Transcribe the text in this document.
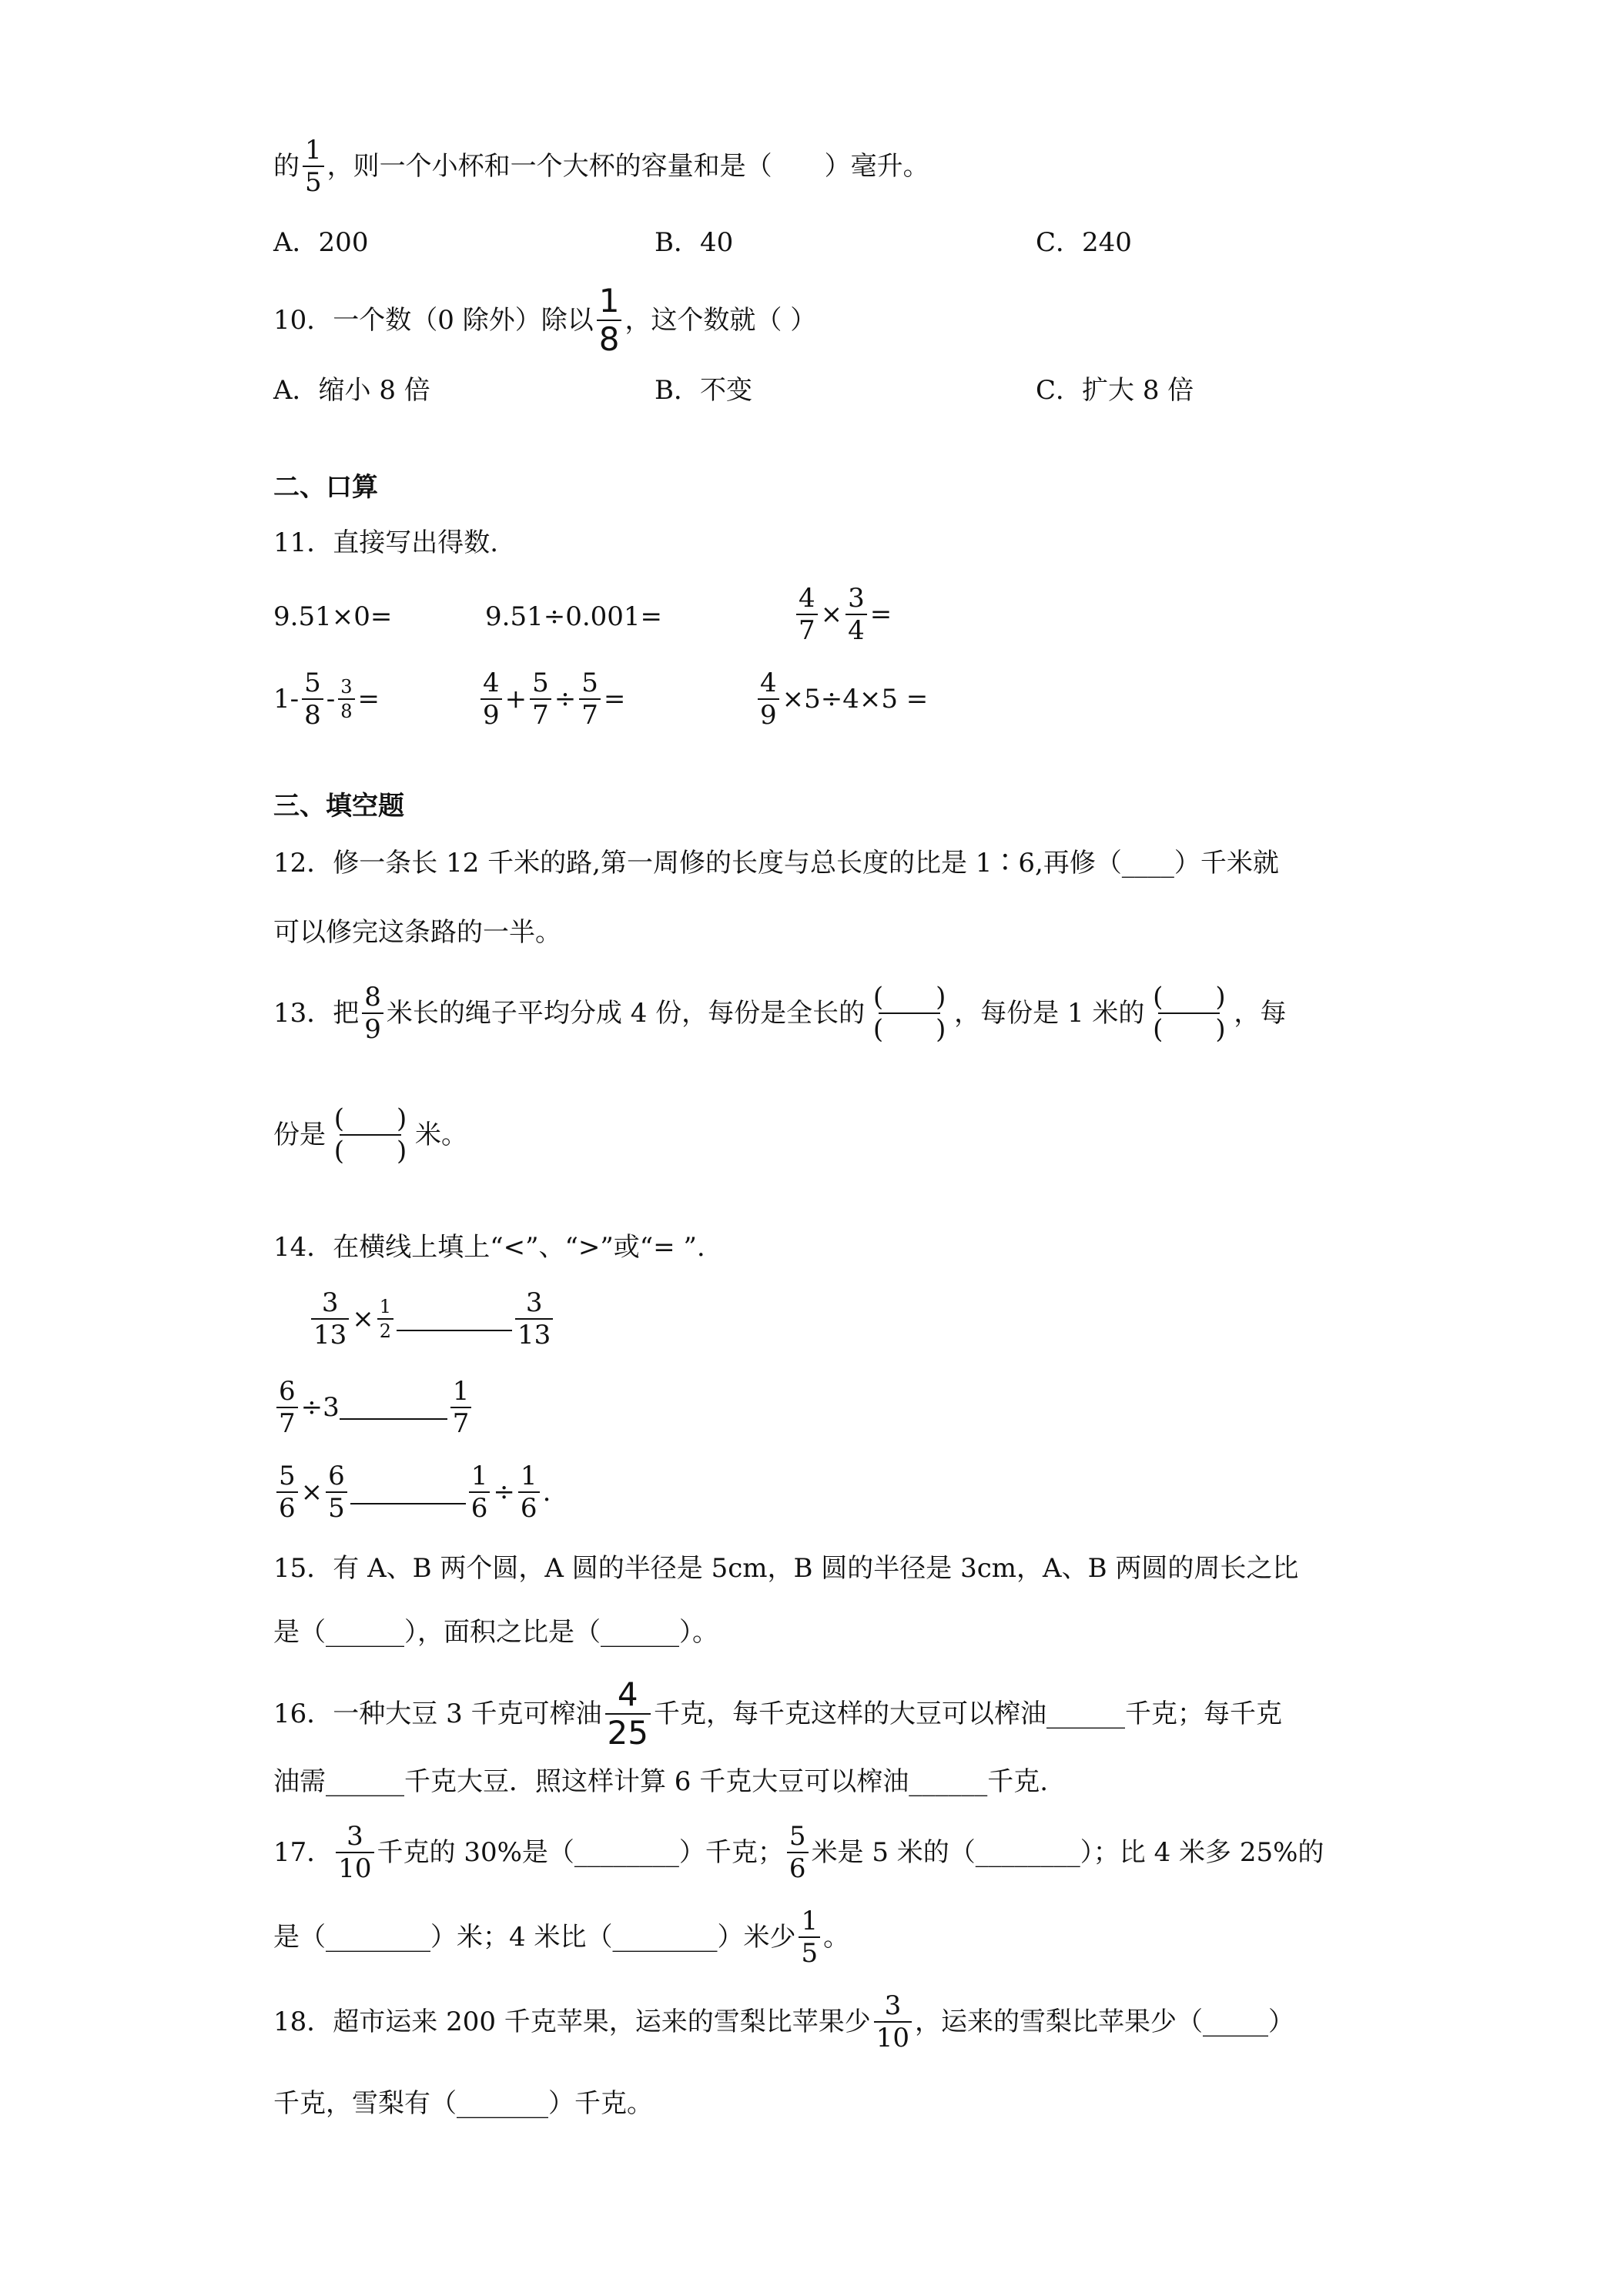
的 $\frac{1}{5}$ ，则一个小杯和一个大杯的容量和是（　　）毫升。
A．200	B．40	C．240
10．一个数（0 除外）除以 $\frac{1}{8}$ ，这个数就（ ）
A．缩小 8 倍	B．不变	C．扩大 8 倍
二、口算
11．直接写出得数.
9.51×0=	9.51÷0.001=	$\frac{4}{7} \times \frac{3}{4}$ =
$1- \frac{5}{8} - \frac{3}{8}$ =	$\frac{4}{9} + \frac{5}{7} \div \frac{5}{7}$ =	$\frac{4}{9} \times 5\div 4\times 5$ =
三、填空题
12．修一条长 12 千米的路,第一周修的长度与总长度的比是 1∶6,再修（____）千米就
可以修完这条路的一半。
13．把 $\frac{8}{9}$ 米长的绳子平均分成 4 份，每份是全长的 $\frac{( )}{( )}$ ，每份是 1 米的 $\frac{( )}{( )}$ ，每
份是 $\frac{( )}{( )}$ 米。
14．在横线上填上“<”、“>”或“= ”.
$\frac{3}{13} \times \frac{1}{2}$	$\frac{3}{13}$
$\frac{6}{7} \div 3$	$\frac{1}{7}$
$\frac{5}{6} \times \frac{6}{5}$	$\frac{1}{6} \div \frac{1}{6}$ .
15．有 A、B 两个圆，A 圆的半径是 5cm，B 圆的半径是 3cm，A、B 两圆的周长之比
是（______），面积之比是（______）。
16．一种大豆 3 千克可榨油 $\frac{4}{25}$ 千克，每千克这样的大豆可以榨油______千克；每千克
油需______千克大豆．照这样计算 6 千克大豆可以榨油______千克.
17． $\frac{3}{10}$ 千克的 30%是（________）千克； $\frac{5}{6}$ 米是 5 米的（________）；比 4 米多 25%的
是（________）米；4 米比（________）米少 $\frac{1}{5}$ 。
18．超市运来 200 千克苹果，运来的雪梨比苹果少 $\frac{3}{10}$ ，运来的雪梨比苹果少（_____）
千克，雪梨有（_______）千克。
